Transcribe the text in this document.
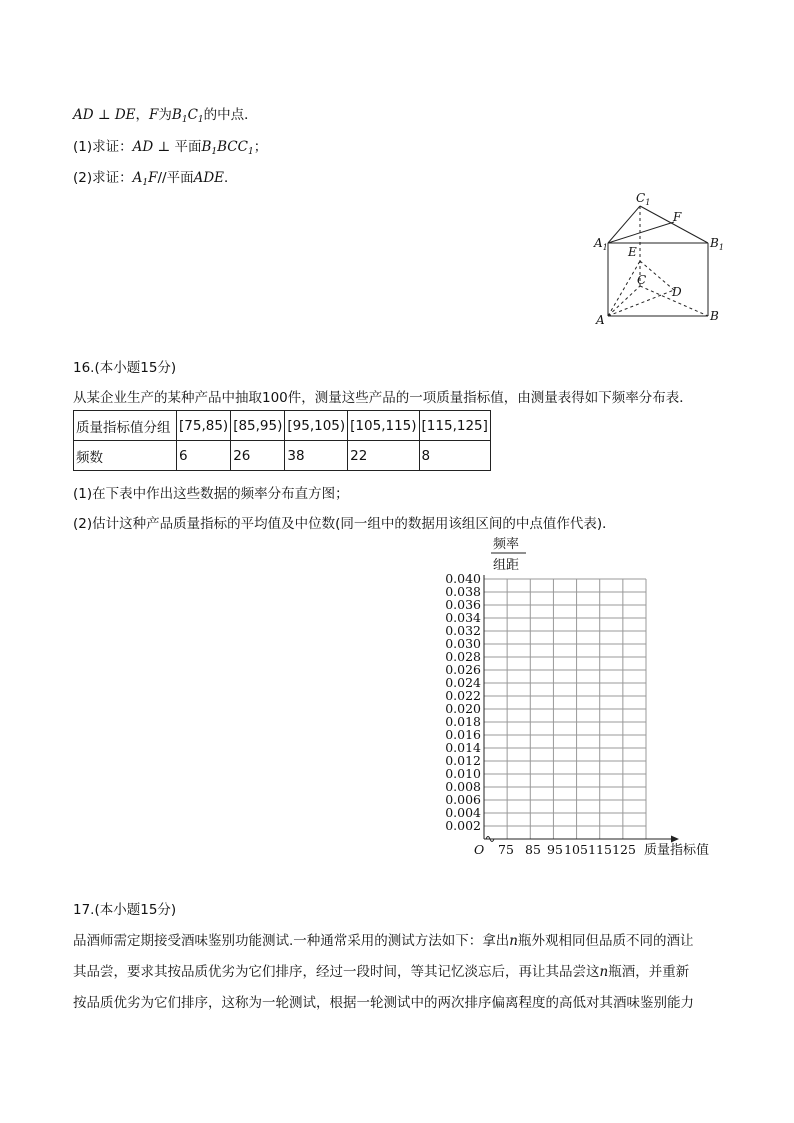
AD ⊥ DE，F为$B_1C_1$的中点．
(1)求证：AD ⊥ 平面$B_1BCC_1$；
(2)求证：$A_1F//$平面ADE．
$C_1$
F
$A_1$	$B_1$
E
C
D
A	B
16.(本小题15分)
从某企业生产的某种产品中抽取100件，测量这些产品的一项质量指标值，由测量表得如下频率分布表．
质量指标值分组	[75,85)	[85,95)	[95,105)	[105,115)	[115,125]
频数	6	26	38	22	8
(1)在下表中作出这些数据的频率分布直方图；
(2)估计这种产品质量指标的平均值及中位数(同一组中的数据用该组区间的中点值作代表)．
0.002
0.004
0.006
0.008
0.010
0.012
0.014
0.016
0.018
0.020
0.022
0.024
0.026
0.028
0.030
0.032
0.034
0.036
0.038
0.040
75 85 95 105 115 125
频率
组距
O	质量指标值
17.(本小题15分)
品酒师需定期接受酒味鉴别功能测试.一种通常采用的测试方法如下：拿出n瓶外观相同但品质不同的酒让
其品尝，要求其按品质优劣为它们排序，经过一段时间，等其记忆淡忘后，再让其品尝这n瓶酒，并重新
按品质优劣为它们排序，这称为一轮测试，根据一轮测试中的两次排序偏离程度的高低对其酒味鉴别能力
